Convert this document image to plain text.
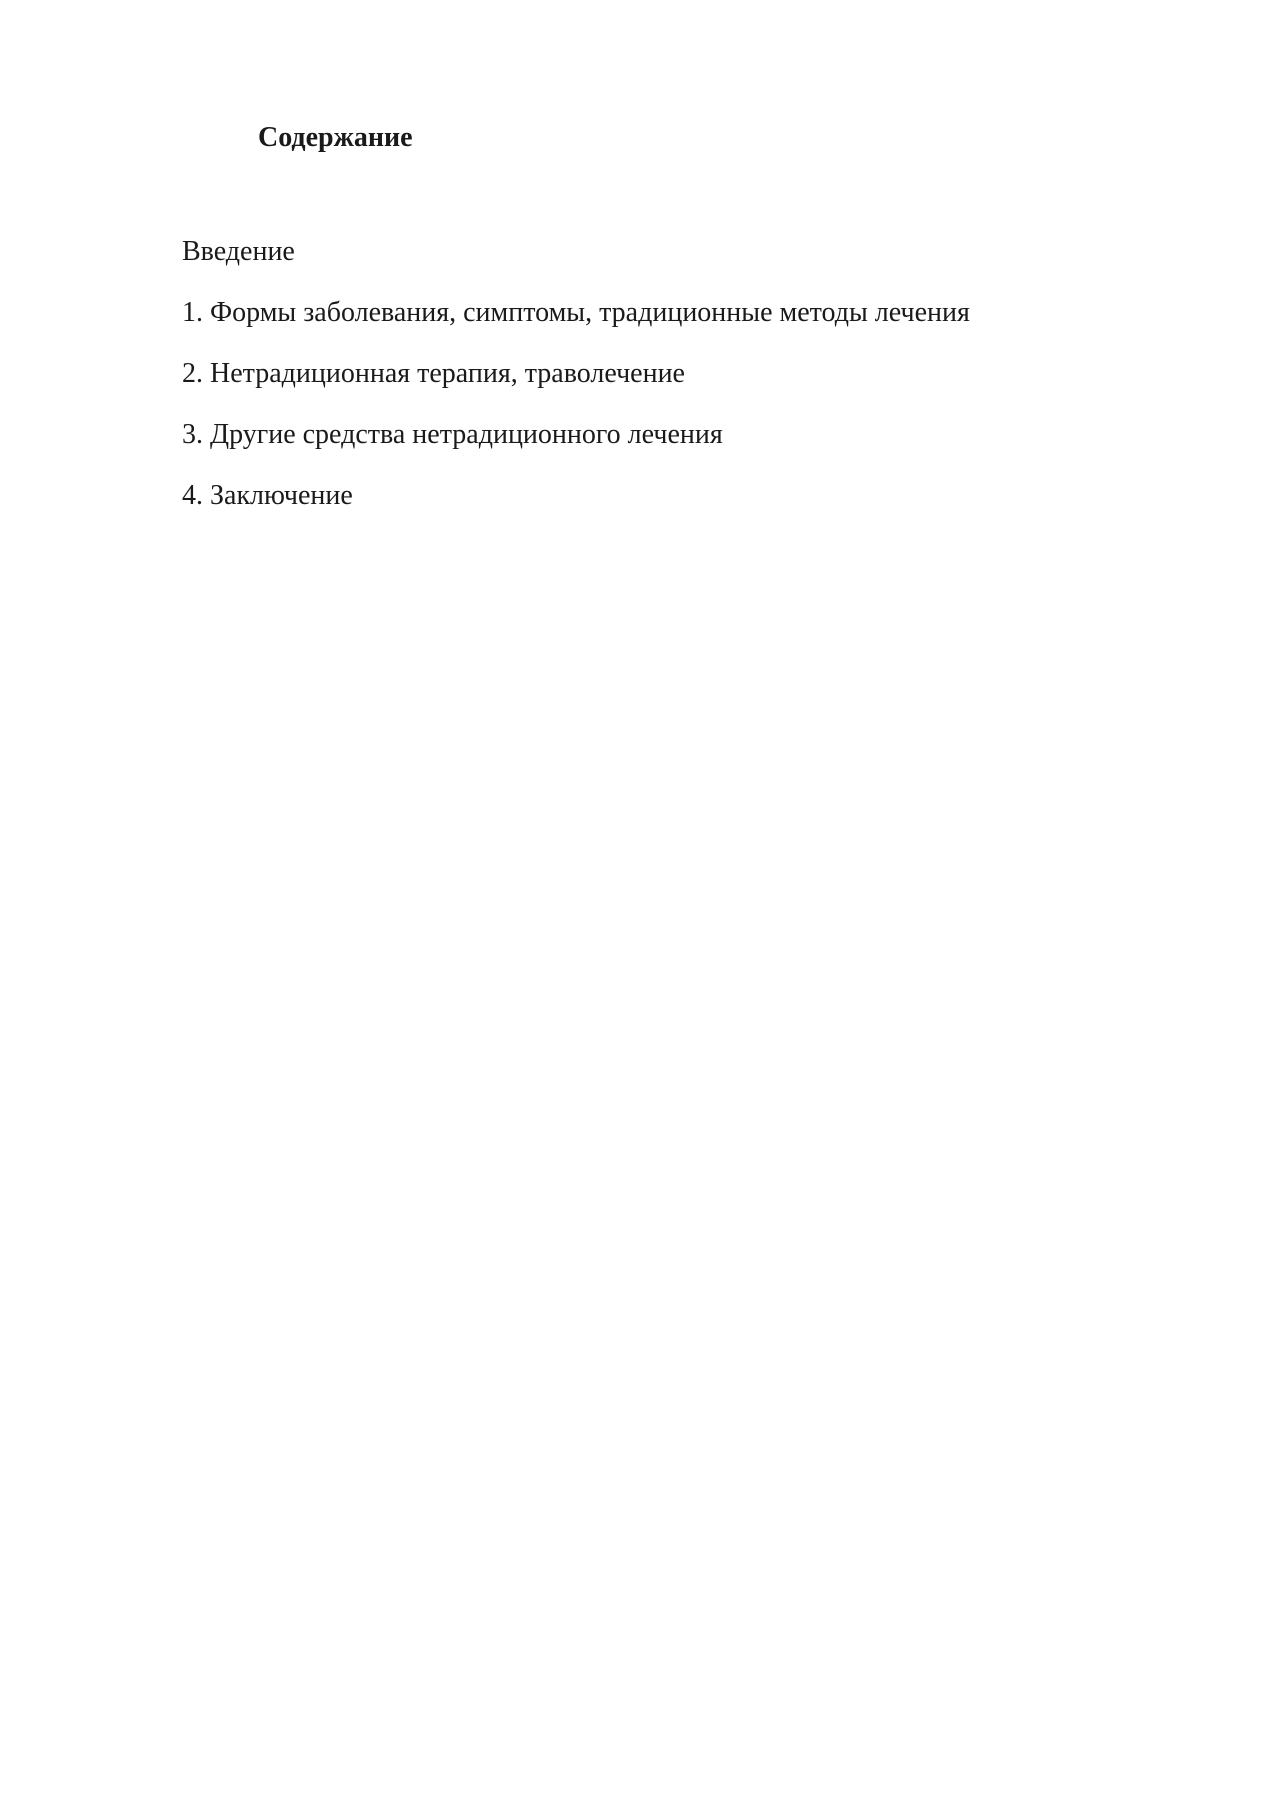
Содержание
Введение
1. Формы заболевания, симптомы, традиционные методы лечения
2. Нетрадиционная терапия, траволечение
3. Другие средства нетрадиционного лечения
4. Заключение
